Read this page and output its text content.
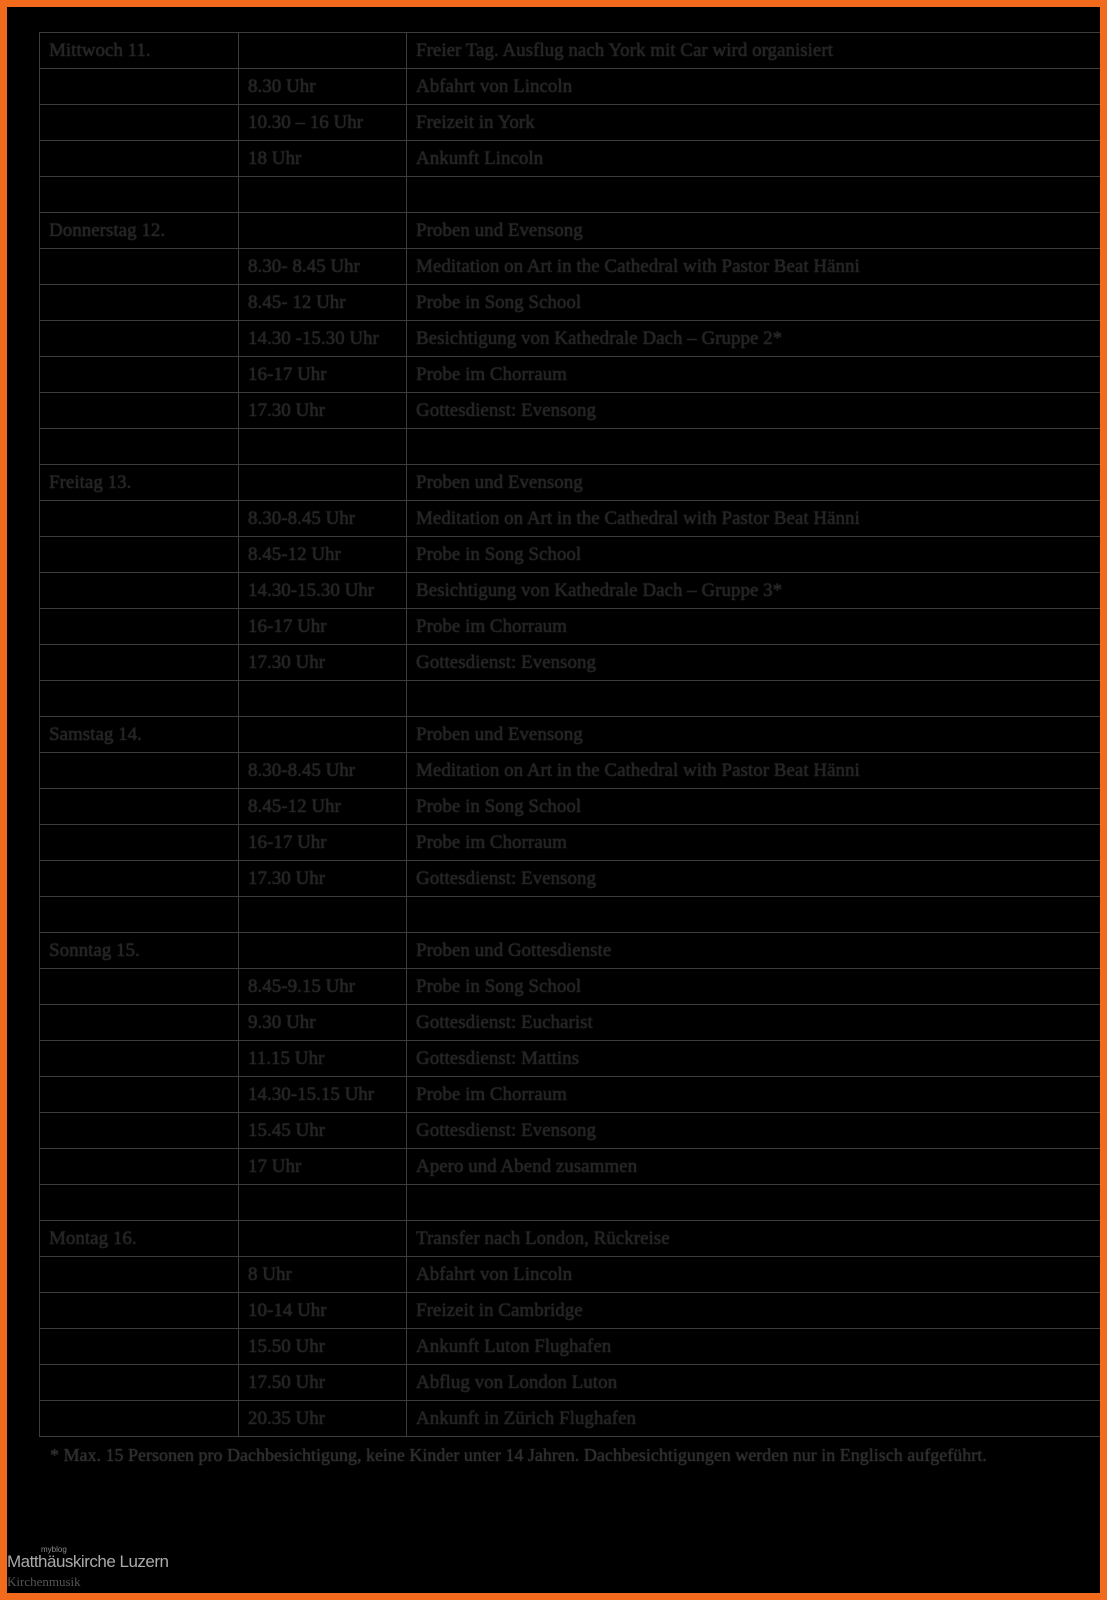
Mittwoch 11.		Freier Tag. Ausflug nach York mit Car wird organisiert
	8.30 Uhr	Abfahrt von Lincoln
	10.30 – 16 Uhr	Freizeit in York
	18 Uhr	Ankunft Lincoln

Donnerstag 12.		Proben und Evensong
	8.30- 8.45 Uhr	Meditation on Art in the Cathedral with Pastor Beat Hänni
	8.45- 12 Uhr	Probe in Song School
	14.30 -15.30 Uhr	Besichtigung von Kathedrale Dach – Gruppe 2*
	16-17 Uhr	Probe im Chorraum
	17.30 Uhr	Gottesdienst: Evensong

Freitag 13.		Proben und Evensong
	8.30-8.45 Uhr	Meditation on Art in the Cathedral with Pastor Beat Hänni
	8.45-12 Uhr	Probe in Song School
	14.30-15.30 Uhr	Besichtigung von Kathedrale Dach – Gruppe 3*
	16-17 Uhr	Probe im Chorraum
	17.30 Uhr	Gottesdienst: Evensong

Samstag 14.		Proben und Evensong
	8.30-8.45 Uhr	Meditation on Art in the Cathedral with Pastor Beat Hänni
	8.45-12 Uhr	Probe in Song School
	16-17 Uhr	Probe im Chorraum
	17.30 Uhr	Gottesdienst: Evensong

Sonntag 15.		Proben und Gottesdienste
	8.45-9.15 Uhr	Probe in Song School
	9.30 Uhr	Gottesdienst: Eucharist
	11.15 Uhr	Gottesdienst: Mattins
	14.30-15.15 Uhr	Probe im Chorraum
	15.45 Uhr	Gottesdienst: Evensong
	17 Uhr	Apero und Abend zusammen

Montag 16.		Transfer nach London, Rückreise
	8 Uhr	Abfahrt von Lincoln
	10-14 Uhr	Freizeit in Cambridge
	15.50 Uhr	Ankunft Luton Flughafen
	17.50 Uhr	Abflug von London Luton
	20.35 Uhr	Ankunft in Zürich Flughafen
* Max. 15 Personen pro Dachbesichtigung, keine Kinder unter 14 Jahren. Dachbesichtigungen werden nur in Englisch aufgeführt.
myblog
Matthäuskirche Luzern
Kirchenmusik
